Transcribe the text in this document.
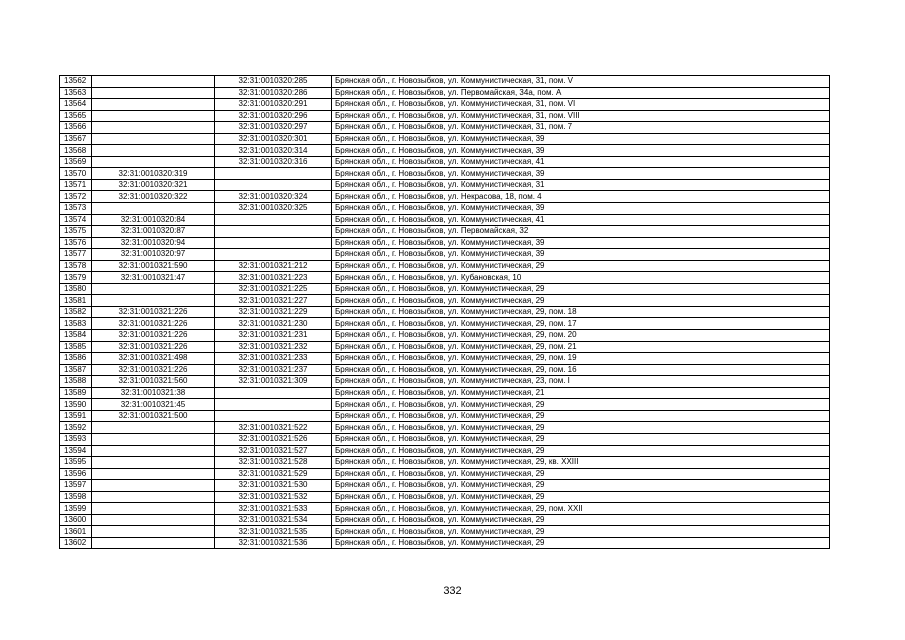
13562		32:31:0010320:285	Брянская обл., г. Новозыбков, ул. Коммунистическая, 31, пом. V
13563		32:31:0010320:286	Брянская обл., г. Новозыбков, ул. Первомайская, 34а, пом. А
13564		32:31:0010320:291	Брянская обл., г. Новозыбков, ул. Коммунистическая, 31, пом. VI
13565		32:31:0010320:296	Брянская обл., г. Новозыбков, ул. Коммунистическая, 31, пом. VIII
13566		32:31:0010320:297	Брянская обл., г. Новозыбков, ул. Коммунистическая, 31, пом. 7
13567		32:31:0010320:301	Брянская обл., г. Новозыбков, ул. Коммунистическая, 39
13568		32:31:0010320:314	Брянская обл., г. Новозыбков, ул. Коммунистическая, 39
13569		32:31:0010320:316	Брянская обл., г. Новозыбков, ул. Коммунистическая, 41
13570	32:31:0010320:319		Брянская обл., г. Новозыбков, ул. Коммунистическая, 39
13571	32:31:0010320:321		Брянская обл., г. Новозыбков, ул. Коммунистическая, 31
13572	32:31:0010320:322	32:31:0010320:324	Брянская обл., г. Новозыбков, ул. Некрасова, 18, пом. 4
13573		32:31:0010320:325	Брянская обл., г. Новозыбков, ул. Коммунистическая, 39
13574	32:31:0010320:84		Брянская обл., г. Новозыбков, ул. Коммунистическая, 41
13575	32:31:0010320:87		Брянская обл., г. Новозыбков, ул. Первомайская, 32
13576	32:31:0010320:94		Брянская обл., г. Новозыбков, ул. Коммунистическая, 39
13577	32:31:0010320:97		Брянская обл., г. Новозыбков, ул. Коммунистическая, 39
13578	32:31:0010321:590	32:31:0010321:212	Брянская обл., г. Новозыбков, ул. Коммунистическая, 29
13579	32:31:0010321:47	32:31:0010321:223	Брянская обл., г. Новозыбков, ул. Кубановская, 10
13580		32:31:0010321:225	Брянская обл., г. Новозыбков, ул. Коммунистическая, 29
13581		32:31:0010321:227	Брянская обл., г. Новозыбков, ул. Коммунистическая, 29
13582	32:31:0010321:226	32:31:0010321:229	Брянская обл., г. Новозыбков, ул. Коммунистическая, 29, пом. 18
13583	32:31:0010321:226	32:31:0010321:230	Брянская обл., г. Новозыбков, ул. Коммунистическая, 29, пом. 17
13584	32:31:0010321:226	32:31:0010321:231	Брянская обл., г. Новозыбков, ул. Коммунистическая, 29, пом. 20
13585	32:31:0010321:226	32:31:0010321:232	Брянская обл., г. Новозыбков, ул. Коммунистическая, 29, пом. 21
13586	32:31:0010321:498	32:31:0010321:233	Брянская обл., г. Новозыбков, ул. Коммунистическая, 29, пом. 19
13587	32:31:0010321:226	32:31:0010321:237	Брянская обл., г. Новозыбков, ул. Коммунистическая, 29, пом. 16
13588	32:31:0010321:560	32:31:0010321:309	Брянская обл., г. Новозыбков, ул. Коммунистическая, 23, пом. I
13589	32:31:0010321:38		Брянская обл., г. Новозыбков, ул. Коммунистическая, 21
13590	32:31:0010321:45		Брянская обл., г. Новозыбков, ул. Коммунистическая, 29
13591	32:31:0010321:500		Брянская обл., г. Новозыбков, ул. Коммунистическая, 29
13592		32:31:0010321:522	Брянская обл., г. Новозыбков, ул. Коммунистическая, 29
13593		32:31:0010321:526	Брянская обл., г. Новозыбков, ул. Коммунистическая, 29
13594		32:31:0010321:527	Брянская обл., г. Новозыбков, ул. Коммунистическая, 29
13595		32:31:0010321:528	Брянская обл., г. Новозыбков, ул. Коммунистическая, 29, кв. XXIII
13596		32:31:0010321:529	Брянская обл., г. Новозыбков, ул. Коммунистическая, 29
13597		32:31:0010321:530	Брянская обл., г. Новозыбков, ул. Коммунистическая, 29
13598		32:31:0010321:532	Брянская обл., г. Новозыбков, ул. Коммунистическая, 29
13599		32:31:0010321:533	Брянская обл., г. Новозыбков, ул. Коммунистическая, 29, пом. XXII
13600		32:31:0010321:534	Брянская обл., г. Новозыбков, ул. Коммунистическая, 29
13601		32:31:0010321:535	Брянская обл., г. Новозыбков, ул. Коммунистическая, 29
13602		32:31:0010321:536	Брянская обл., г. Новозыбков, ул. Коммунистическая, 29
332
